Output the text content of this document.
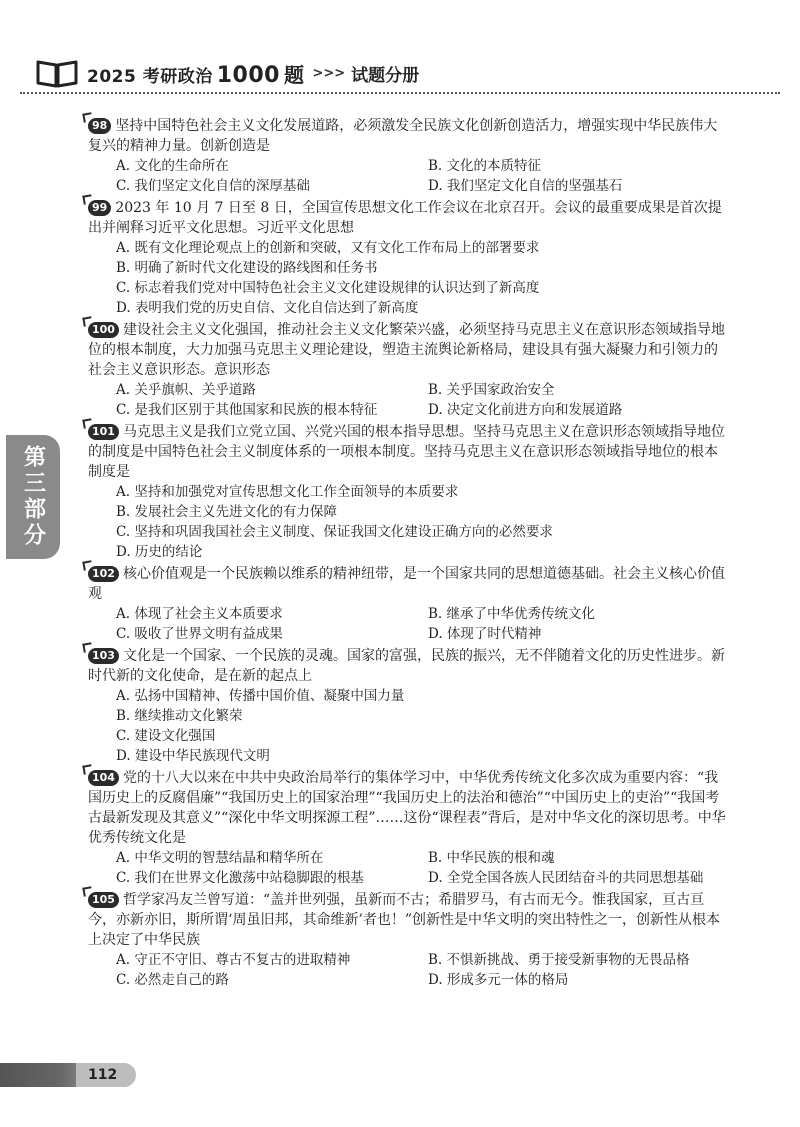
2025 考研政治 1000 题 >>> 试题分册
第三部分
98 坚持中国特色社会主义文化发展道路，必须激发全民族文化创新创造活力，增强实现中华民族伟大复兴的精神力量。创新创造是
A. 文化的生命所在	B. 文化的本质特征
C. 我们坚定文化自信的深厚基础	D. 我们坚定文化自信的坚强基石
99 2023 年 10 月 7 日至 8 日，全国宣传思想文化工作会议在北京召开。会议的最重要成果是首次提出并阐释习近平文化思想。习近平文化思想
A. 既有文化理论观点上的创新和突破，又有文化工作布局上的部署要求
B. 明确了新时代文化建设的路线图和任务书
C. 标志着我们党对中国特色社会主义文化建设规律的认识达到了新高度
D. 表明我们党的历史自信、文化自信达到了新高度
100 建设社会主义文化强国，推动社会主义文化繁荣兴盛，必须坚持马克思主义在意识形态领域指导地位的根本制度，大力加强马克思主义理论建设，塑造主流舆论新格局，建设具有强大凝聚力和引领力的社会主义意识形态。意识形态
A. 关乎旗帜、关乎道路	B. 关乎国家政治安全
C. 是我们区别于其他国家和民族的根本特征	D. 决定文化前进方向和发展道路
101 马克思主义是我们立党立国、兴党兴国的根本指导思想。坚持马克思主义在意识形态领域指导地位的制度是中国特色社会主义制度体系的一项根本制度。坚持马克思主义在意识形态领域指导地位的根本制度是
A. 坚持和加强党对宣传思想文化工作全面领导的本质要求
B. 发展社会主义先进文化的有力保障
C. 坚持和巩固我国社会主义制度、保证我国文化建设正确方向的必然要求
D. 历史的结论
102 核心价值观是一个民族赖以维系的精神纽带，是一个国家共同的思想道德基础。社会主义核心价值观
A. 体现了社会主义本质要求	B. 继承了中华优秀传统文化
C. 吸收了世界文明有益成果	D. 体现了时代精神
103 文化是一个国家、一个民族的灵魂。国家的富强，民族的振兴，无不伴随着文化的历史性进步。新时代新的文化使命，是在新的起点上
A. 弘扬中国精神、传播中国价值、凝聚中国力量
B. 继续推动文化繁荣
C. 建设文化强国
D. 建设中华民族现代文明
104 党的十八大以来在中共中央政治局举行的集体学习中，中华优秀传统文化多次成为重要内容：“我国历史上的反腐倡廉”“我国历史上的国家治理”“我国历史上的法治和德治”“中国历史上的吏治”“我国考古最新发现及其意义”“深化中华文明探源工程”……这份“课程表”背后，是对中华文化的深切思考。中华优秀传统文化是
A. 中华文明的智慧结晶和精华所在	B. 中华民族的根和魂
C. 我们在世界文化激荡中站稳脚跟的根基	D. 全党全国各族人民团结奋斗的共同思想基础
105 哲学家冯友兰曾写道：“盖并世列强，虽新而不古；希腊罗马，有古而无今。惟我国家，亘古亘今，亦新亦旧，斯所谓‘周虽旧邦，其命维新’者也！”创新性是中华文明的突出特性之一，创新性从根本上决定了中华民族
A. 守正不守旧、尊古不复古的进取精神	B. 不惧新挑战、勇于接受新事物的无畏品格
C. 必然走自己的路	D. 形成多元一体的格局
112
